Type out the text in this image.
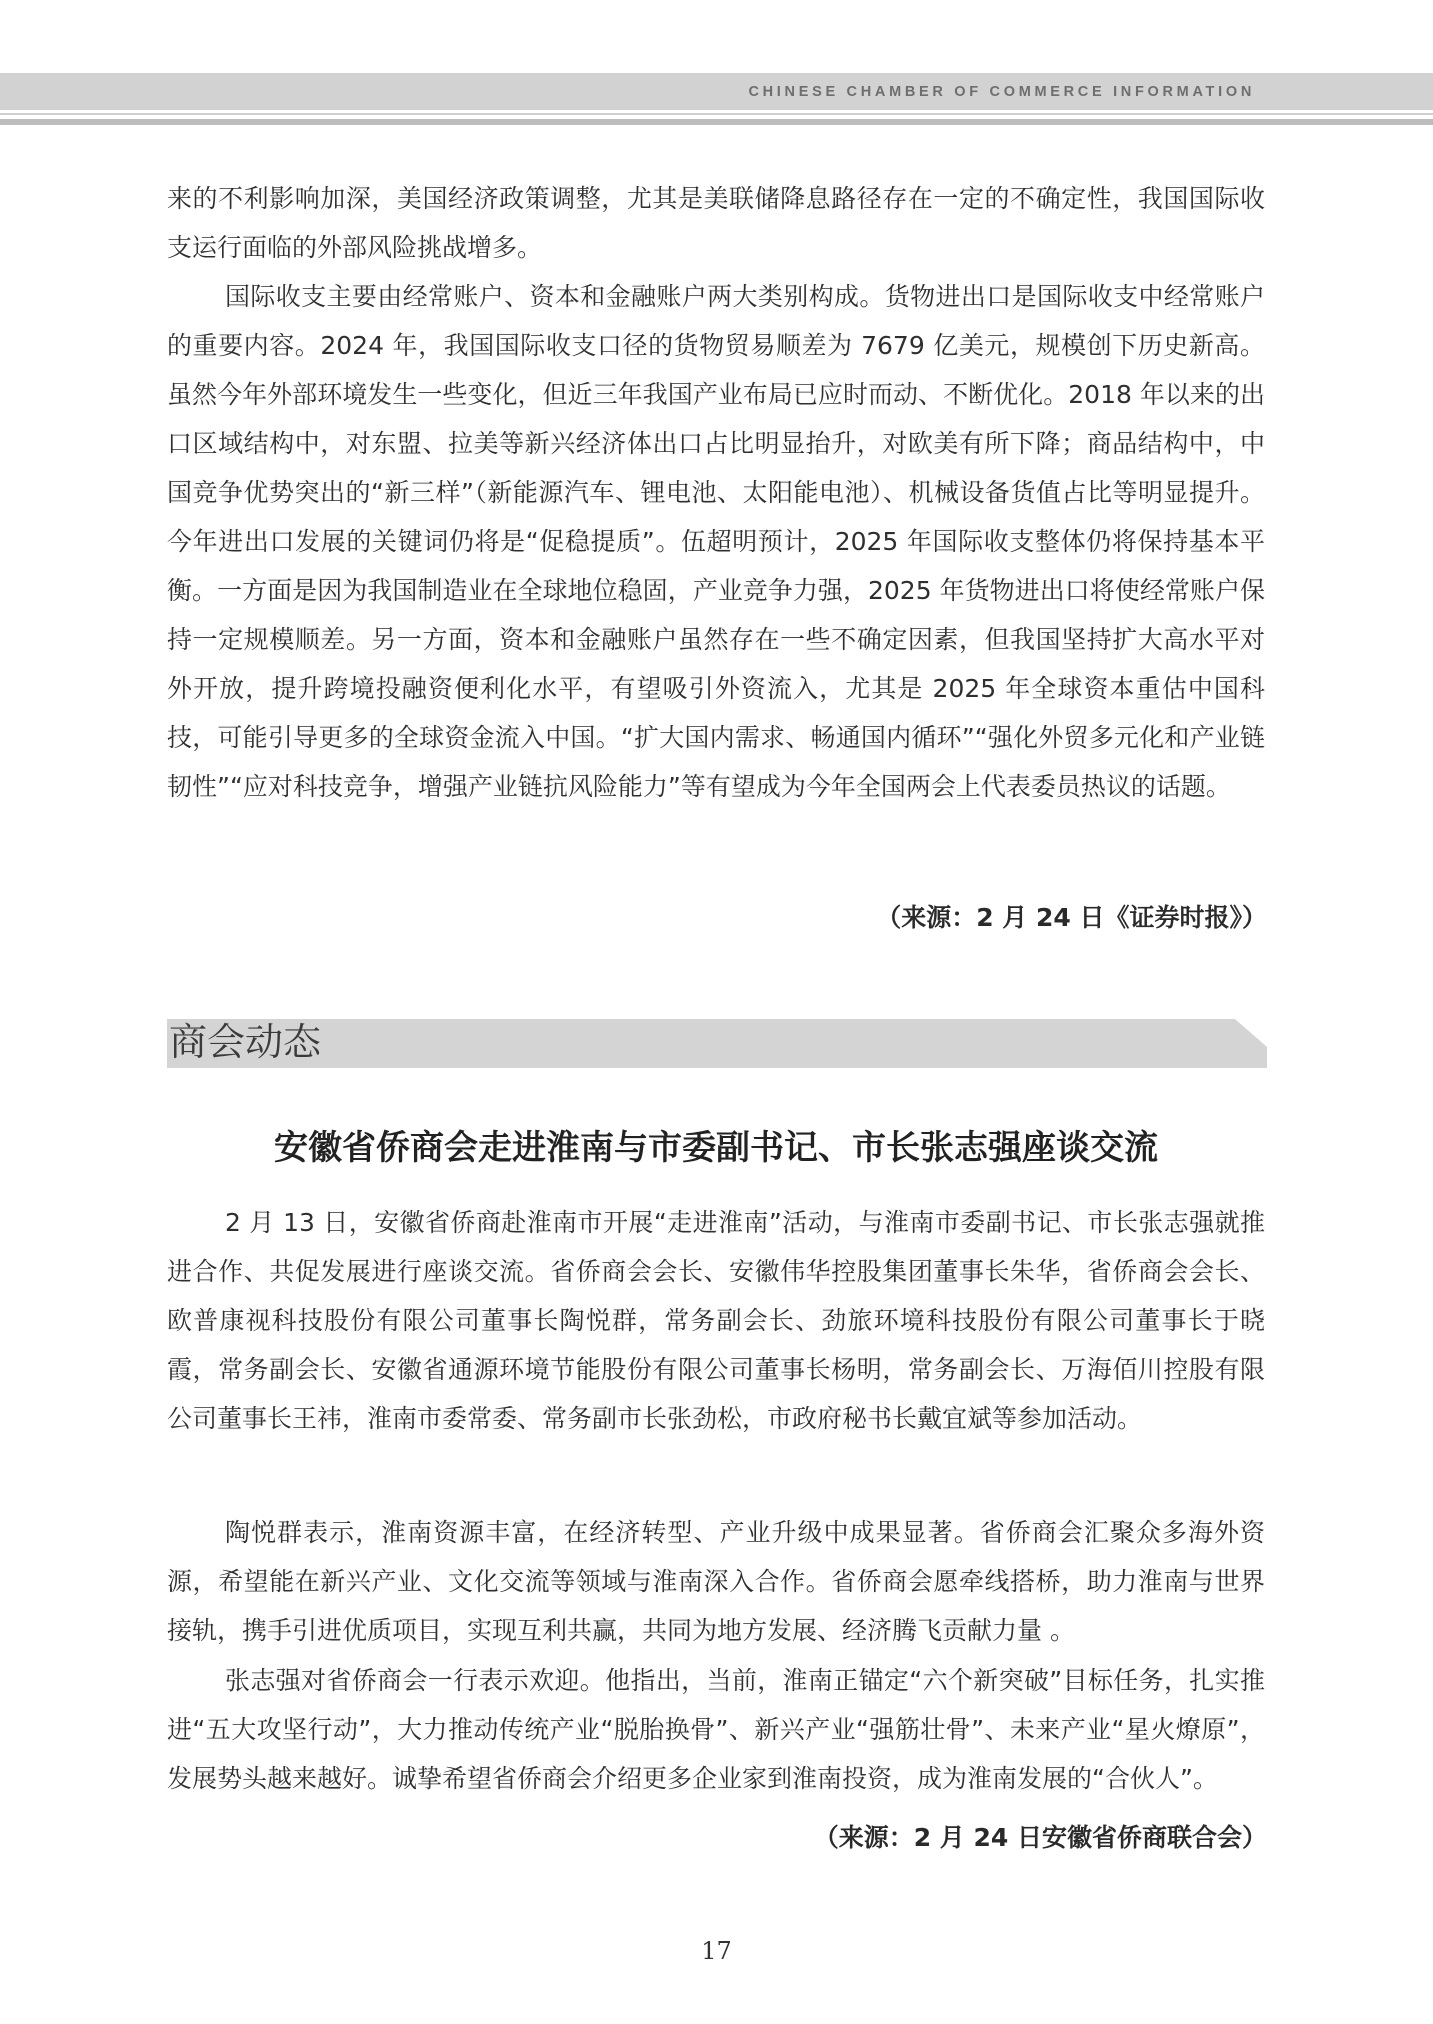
CHINESE CHAMBER OF COMMERCE INFORMATION

来的不利影响加深，美国经济政策调整，尤其是美联储降息路径存在一定的不确定性，我国国际收支运行面临的外部风险挑战增多。

国际收支主要由经常账户、资本和金融账户两大类别构成。货物进出口是国际收支中经常账户的重要内容。2024 年，我国国际收支口径的货物贸易顺差为 7679 亿美元，规模创下历史新高。虽然今年外部环境发生一些变化，但近三年我国产业布局已应时而动、不断优化。2018 年以来的出口区域结构中，对东盟、拉美等新兴经济体出口占比明显抬升，对欧美有所下降；商品结构中，中国竞争优势突出的“新三样”（新能源汽车、锂电池、太阳能电池）、机械设备货值占比等明显提升。今年进出口发展的关键词仍将是“促稳提质”。伍超明预计，2025 年国际收支整体仍将保持基本平衡。一方面是因为我国制造业在全球地位稳固，产业竞争力强，2025 年货物进出口将使经常账户保持一定规模顺差。另一方面，资本和金融账户虽然存在一些不确定因素，但我国坚持扩大高水平对外开放，提升跨境投融资便利化水平，有望吸引外资流入，尤其是 2025 年全球资本重估中国科技，可能引导更多的全球资金流入中国。“扩大国内需求、畅通国内循环”“强化外贸多元化和产业链韧性”“应对科技竞争，增强产业链抗风险能力”等有望成为今年全国两会上代表委员热议的话题。

（来源：2 月 24 日《证券时报》）

商会动态
安徽省侨商会走进淮南与市委副书记、市长张志强座谈交流

2 月 13 日，安徽省侨商赴淮南市开展“走进淮南”活动，与淮南市委副书记、市长张志强就推进合作、共促发展进行座谈交流。省侨商会会长、安徽伟华控股集团董事长朱华，省侨商会会长、欧普康视科技股份有限公司董事长陶悦群，常务副会长、劲旅环境科技股份有限公司董事长于晓霞，常务副会长、安徽省通源环境节能股份有限公司董事长杨明，常务副会长、万海佰川控股有限公司董事长王祎，淮南市委常委、常务副市长张劲松，市政府秘书长戴宜斌等参加活动。

陶悦群表示，淮南资源丰富，在经济转型、产业升级中成果显著。省侨商会汇聚众多海外资源，希望能在新兴产业、文化交流等领域与淮南深入合作。省侨商会愿牵线搭桥，助力淮南与世界接轨，携手引进优质项目，实现互利共赢，共同为地方发展、经济腾飞贡献力量 。

张志强对省侨商会一行表示欢迎。他指出，当前，淮南正锚定“六个新突破”目标任务，扎实推进“五大攻坚行动”，大力推动传统产业“脱胎换骨”、新兴产业“强筋壮骨”、未来产业“星火燎原”，发展势头越来越好。诚挚希望省侨商会介绍更多企业家到淮南投资，成为淮南发展的“合伙人”。

（来源：2 月 24 日安徽省侨商联合会）

17
